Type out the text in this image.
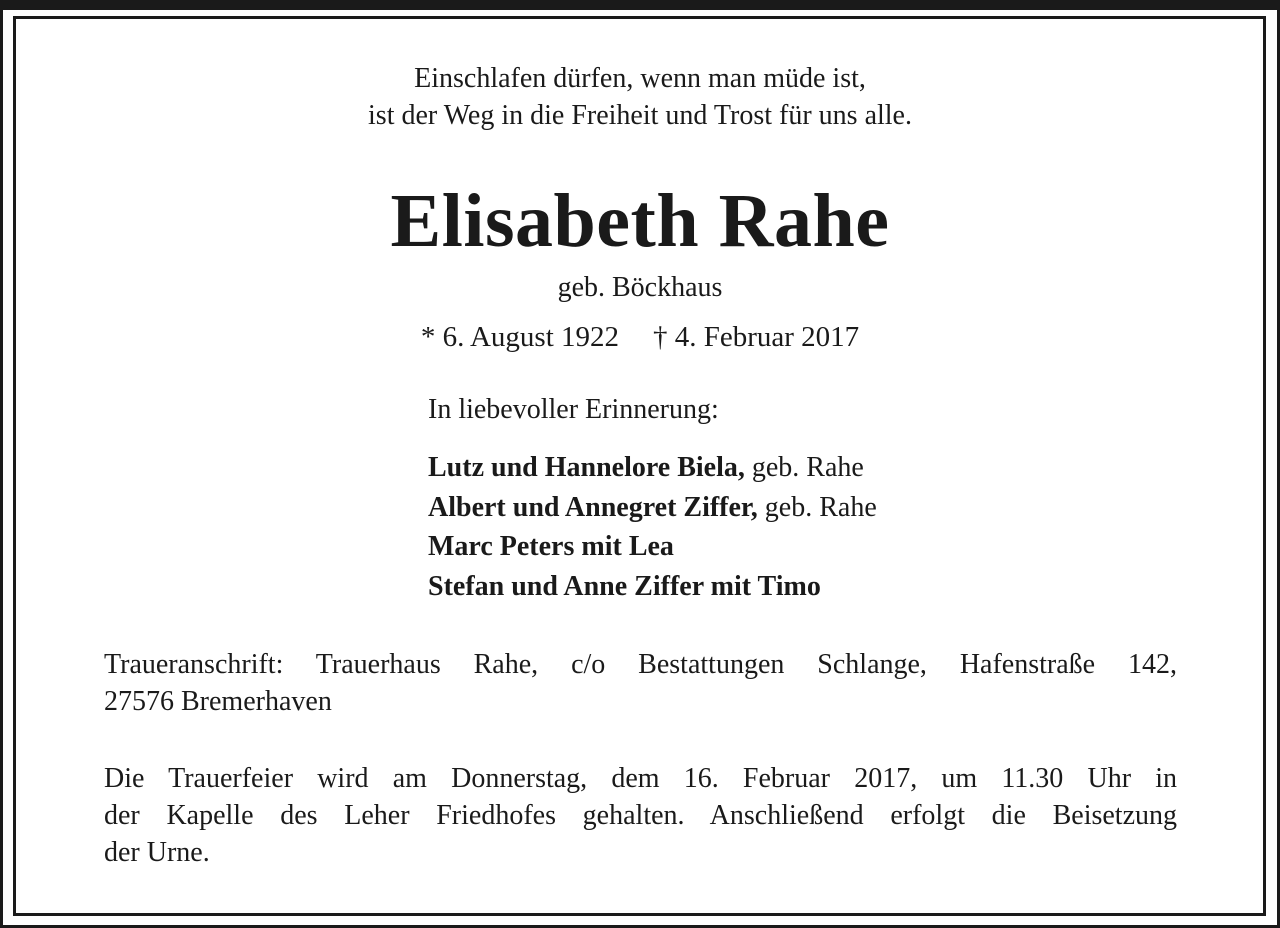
Einschlafen dürfen, wenn man müde ist,
ist der Weg in die Freiheit und Trost für uns alle.
Elisabeth Rahe
geb. Böckhaus
* 6. August 1922 † 4. Februar 2017
In liebevoller Erinnerung:
Lutz und Hannelore Biela, geb. Rahe
Albert und Annegret Ziffer, geb. Rahe
Marc Peters mit Lea
Stefan und Anne Ziffer mit Timo
Traueranschrift: Trauerhaus Rahe, c/o Bestattungen Schlange, Hafenstraße 142,
27576 Bremerhaven
Die Trauerfeier wird am Donnerstag, dem 16. Februar 2017, um 11.30 Uhr in
der Kapelle des Leher Friedhofes gehalten. Anschließend erfolgt die Beisetzung
der Urne.
